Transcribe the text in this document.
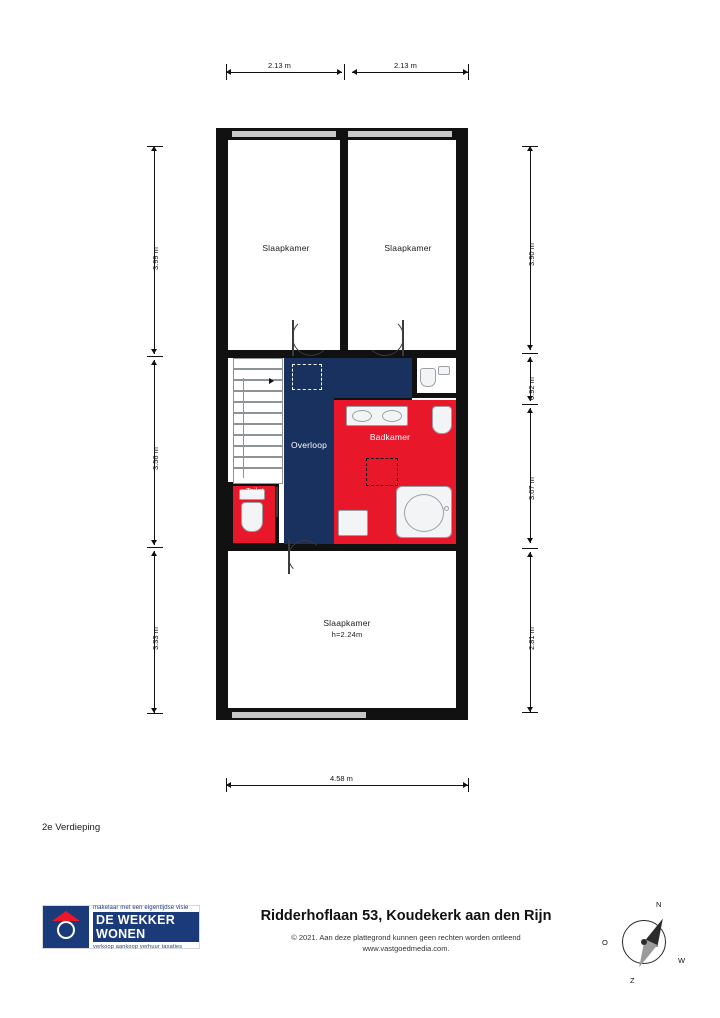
2.13 m	2.13 m
3.99 m
3.56 m
3.33 m
3.90 m
0.92 m
3.07 m
2.81 m
4.58 m
Slaapkamer	Slaapkamer
Overloop
Badkamer
Toilet
Slaapkamer
h=2.24m
2e Verdieping
makelaar met een eigentijdse visie
DE WEKKER WONEN
verkoop aankoop verhuur taxaties
Ridderhoflaan 53, Koudekerk aan den Rijn
© 2021. Aan deze plattegrond kunnen geen rechten worden ontleend
www.vastgoedmedia.com.
N
O
Z
W
